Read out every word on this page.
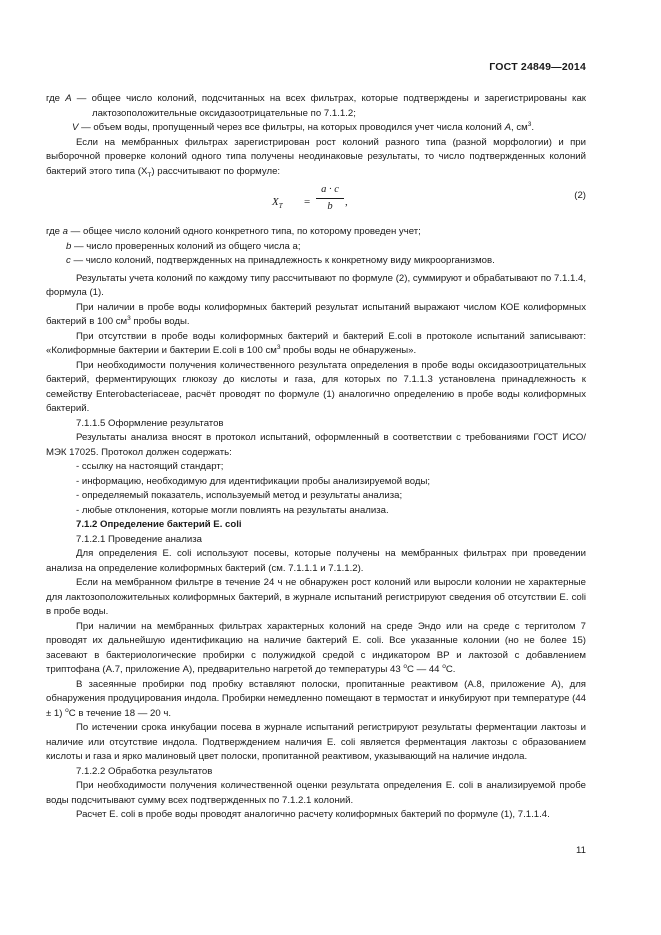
ГОСТ 24849—2014

где А — общее число колоний, подсчитанных на всех фильтрах, которые подтверждены и зарегистрированы как лактозоположительные оксидазоотрицательные по 7.1.1.2;

V — объем воды, пропущенный через все фильтры, на которых проводился учет числа колоний А, $см^3$.

Если на мембранных фильтрах зарегистрирован рост колоний разного типа (разной морфологии) и при выборочной проверке колоний одного типа получены неодинаковые результаты, то число подтвержденных колоний бактерий этого типа $(X_T)$ рассчитывают по формуле:

$X_T$ =
a · c
b	,
(2)

где a — общее число колоний одного конкретного типа, по которому проведен учет;

b — число проверенных колоний из общего числа а;

c — число колоний, подтвержденных на принадлежность к конкретному виду микроорганизмов.

Результаты учета колоний по каждому типу рассчитывают по формуле (2), суммируют и обрабатывают по 7.1.1.4, формула (1).

При наличии в пробе воды колиформных бактерий результат испытаний выражают числом КОЕ колиформных бактерий в 100 $см^3$ пробы воды.

При отсутствии в пробе воды колиформных бактерий и бактерий E.coli в протоколе испытаний записывают: «Колиформные бактерии и бактерии E.coli в 100 $см^3$ пробы воды не обнаружены».

При необходимости получения количественного результата определения в пробе воды оксидазоотрицательных бактерий, ферментирующих глюкозу до кислоты и газа, для которых по 7.1.1.3 установлена принадлежность к семейству Enterobacteriaceae, расчёт проводят по формуле (1) аналогично определению в пробе воды колиформных бактерий.

7.1.1.5 Оформление результатов

Результаты анализа вносят в протокол испытаний, оформленный в соответствии с требованиями ГОСТ ИСО/МЭК 17025. Протокол должен содержать:

- ссылку на настоящий стандарт;

- информацию, необходимую для идентификации пробы анализируемой воды;

- определяемый показатель, используемый метод и результаты анализа;

- любые отклонения, которые могли повлиять на результаты анализа.

7.1.2 Определение бактерий E. coli

7.1.2.1 Проведение анализа

Для определения E. coli используют посевы, которые получены на мембранных фильтрах при проведении анализа на определение колиформных бактерий (см. 7.1.1.1 и 7.1.1.2).

Если на мембранном фильтре в течение 24 ч не обнаружен рост колоний или выросли колонии не характерные для лактозоположительных колиформных бактерий, в журнале испытаний регистрируют сведения об отсутствии E. coli в пробе воды.

При наличии на мембранных фильтрах характерных колоний на среде Эндо или на среде с тергитолом 7 проводят их дальнейшую идентификацию на наличие бактерий E. coli. Все указанные колонии (но не более 15) засевают в бактериологические пробирки с полужидкой средой с индикатором ВР и лактозой с добавлением триптофана (А.7, приложение А), предварительно нагретой до температуры 43 $^о$С — 44 $^о$С.

В засеянные пробирки под пробку вставляют полоски, пропитанные реактивом (А.8, приложение А), для обнаружения продуцирования индола. Пробирки немедленно помещают в термостат и инкубируют при температуре (44 ± 1) $^о$С в течение 18 — 20 ч.

По истечении срока инкубации посева в журнале испытаний регистрируют результаты ферментации лактозы и наличие или отсутствие индола. Подтверждением наличия E. coli является ферментация лактозы с образованием кислоты и газа и ярко малиновый цвет полоски, пропитанной реактивом, указывающий на наличие индола.

7.1.2.2 Обработка результатов

При необходимости получения количественной оценки результата определения E. coli в анализируемой пробе воды подсчитывают сумму всех подтвержденных по 7.1.2.1 колоний.

Расчет E. coli в пробе воды проводят аналогично расчету колиформных бактерий по формуле (1), 7.1.1.4.

11
